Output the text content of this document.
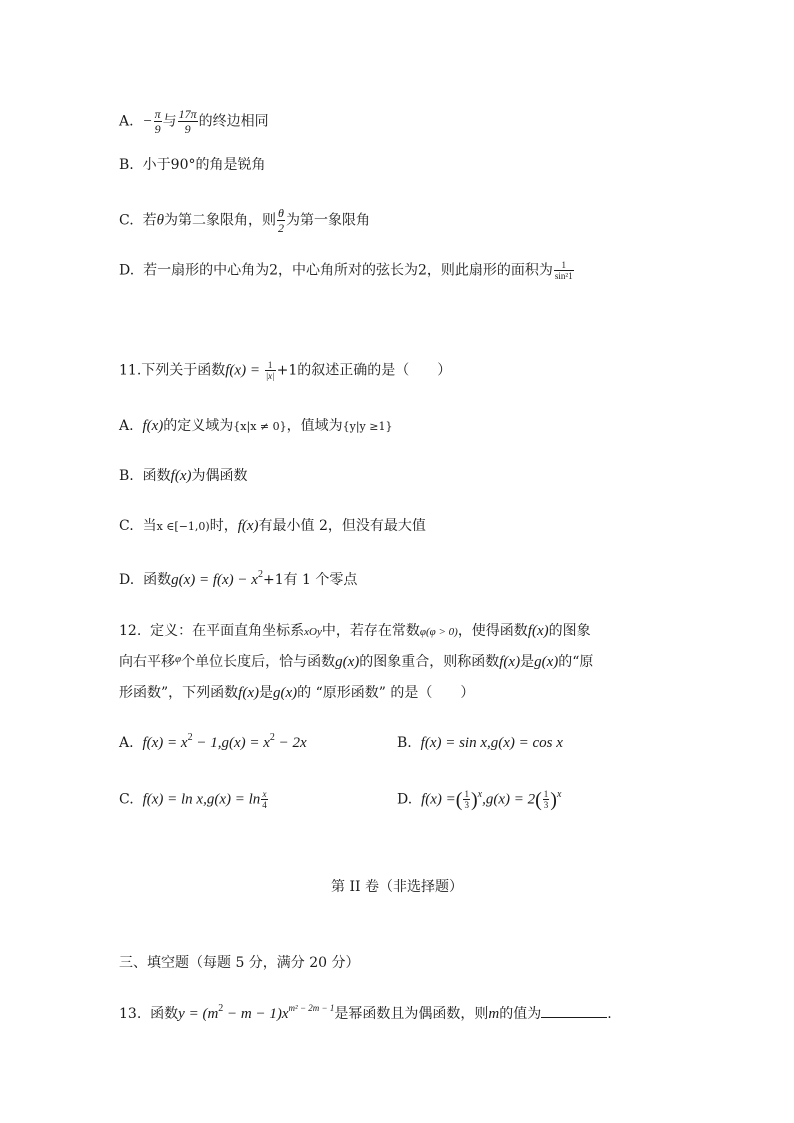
A. − $\frac{\pi}{9}$ 与 $\frac{17\pi}{9}$ 的终边相同
B. 小于90°的角是锐角
C. 若θ为第二象限角，则 $\frac{\theta}{2}$ 为第一象限角
D. 若一扇形的中心角为2，中心角所对的弦长为2，则此扇形的面积为 $\frac{1}{\text{sin²1}}$
11.下列关于函数$f(x) = \frac{1}{|x|} +1$的叙述正确的是（　　）
A. f(x)的定义域为{x|x ≠ 0}，值域为{y|y ≥1}
B. 函数f(x)为偶函数
C. 当x ∈[−1,0)时，f(x)有最小值 2，但没有最大值
D. 函数$g(x) = f(x) - x^2+1$有 1 个零点
12. 定义：在平面直角坐标系xOy中，若存在常数φ(φ > 0)，使得函数f(x)的图象
向右平移$^\varphi$个单位长度后，恰与函数g(x)的图象重合，则称函数f(x)是g(x)的“原
形函数”，下列函数f(x)是g(x)的 “原形函数” 的是（　　）
A. $f(x) = x^2 - 1,g(x) = x^2 - 2x$	B. f(x) = sin x,g(x) = cos x
C. $f(x) = \ln x,g(x) = \ln \frac{x}{4}$	D. f(x) =( $\frac{1}{3} )^x,g(x) = 2( \frac{1}{3} )^x$
第 II 卷（非选择题）
三、填空题（每题 5 分，满分 20 分）
13. 函数$y = (m^2 - m - 1)x^{m^2 - 2m - 1}$是幂函数且为偶函数，则m的值为	.
